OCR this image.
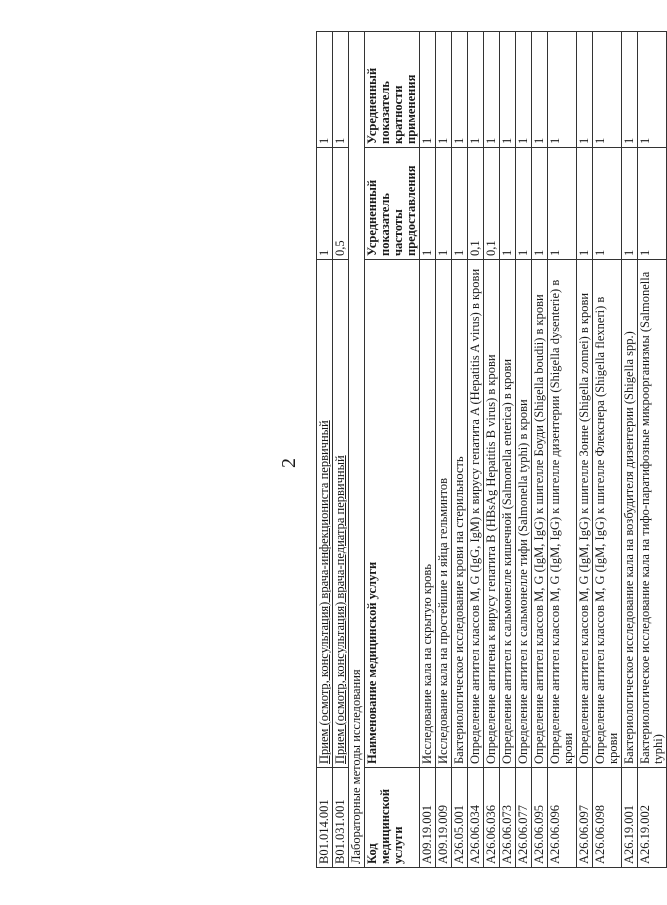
2
B01.014.001	Прием (осмотр, консультация) врача-инфекциониста первичный	1	1
B01.031.001	Прием (осмотр, консультация) врача-педиатра первичный	0,5	1
Лабораторные методы исследования			
Код медицинской услуги	Наименование медицинской услуги	Усредненный показатель частоты предоставления	Усредненный показатель кратности применения
A09.19.001	Исследование кала на скрытую кровь	1	1
A09.19.009	Исследование кала на простейшие и яйца гельминтов	1	1
A26.05.001	Бактериологическое исследование крови на стерильность	1	1
A26.06.034	Определение антител классов M, G (IgG, IgM) к вирусу гепатита A (Hepatitis A virus) в крови	0,1	1
A26.06.036	Определение антигена к вирусу гепатита B (HBsAg Hepatitis B virus) в крови	0,1	1
A26.06.073	Определение антител к сальмонелле кишечной (Salmonella enterica) в крови	1	1
A26.06.077	Определение антител к сальмонелле тифи (Salmonella typhi) в крови	1	1
A26.06.095	Определение антител классов M, G (IgM, IgG) к шигелле Боуди (Shigella boudii) в крови	1	1
A26.06.096	Определение антител классов M, G (IgM, IgG) к шигелле дизентерии (Shigella dysenterie) в крови	1	1
A26.06.097	Определение антител классов M, G (IgM, IgG) к шигелле Зонне (Shigella zonnei) в крови	1	1
A26.06.098	Определение антител классов M, G (IgM, IgG) к шигелле Флекснера (Shigella flexneri) в крови	1	1
A26.19.001	Бактериологическое исследование кала на возбудителя дизентерии (Shigella spp.)	1	1
A26.19.002	Бактериологическое исследование кала на тифо-паратифозные микроорганизмы (Salmonella typhi)	1	1
